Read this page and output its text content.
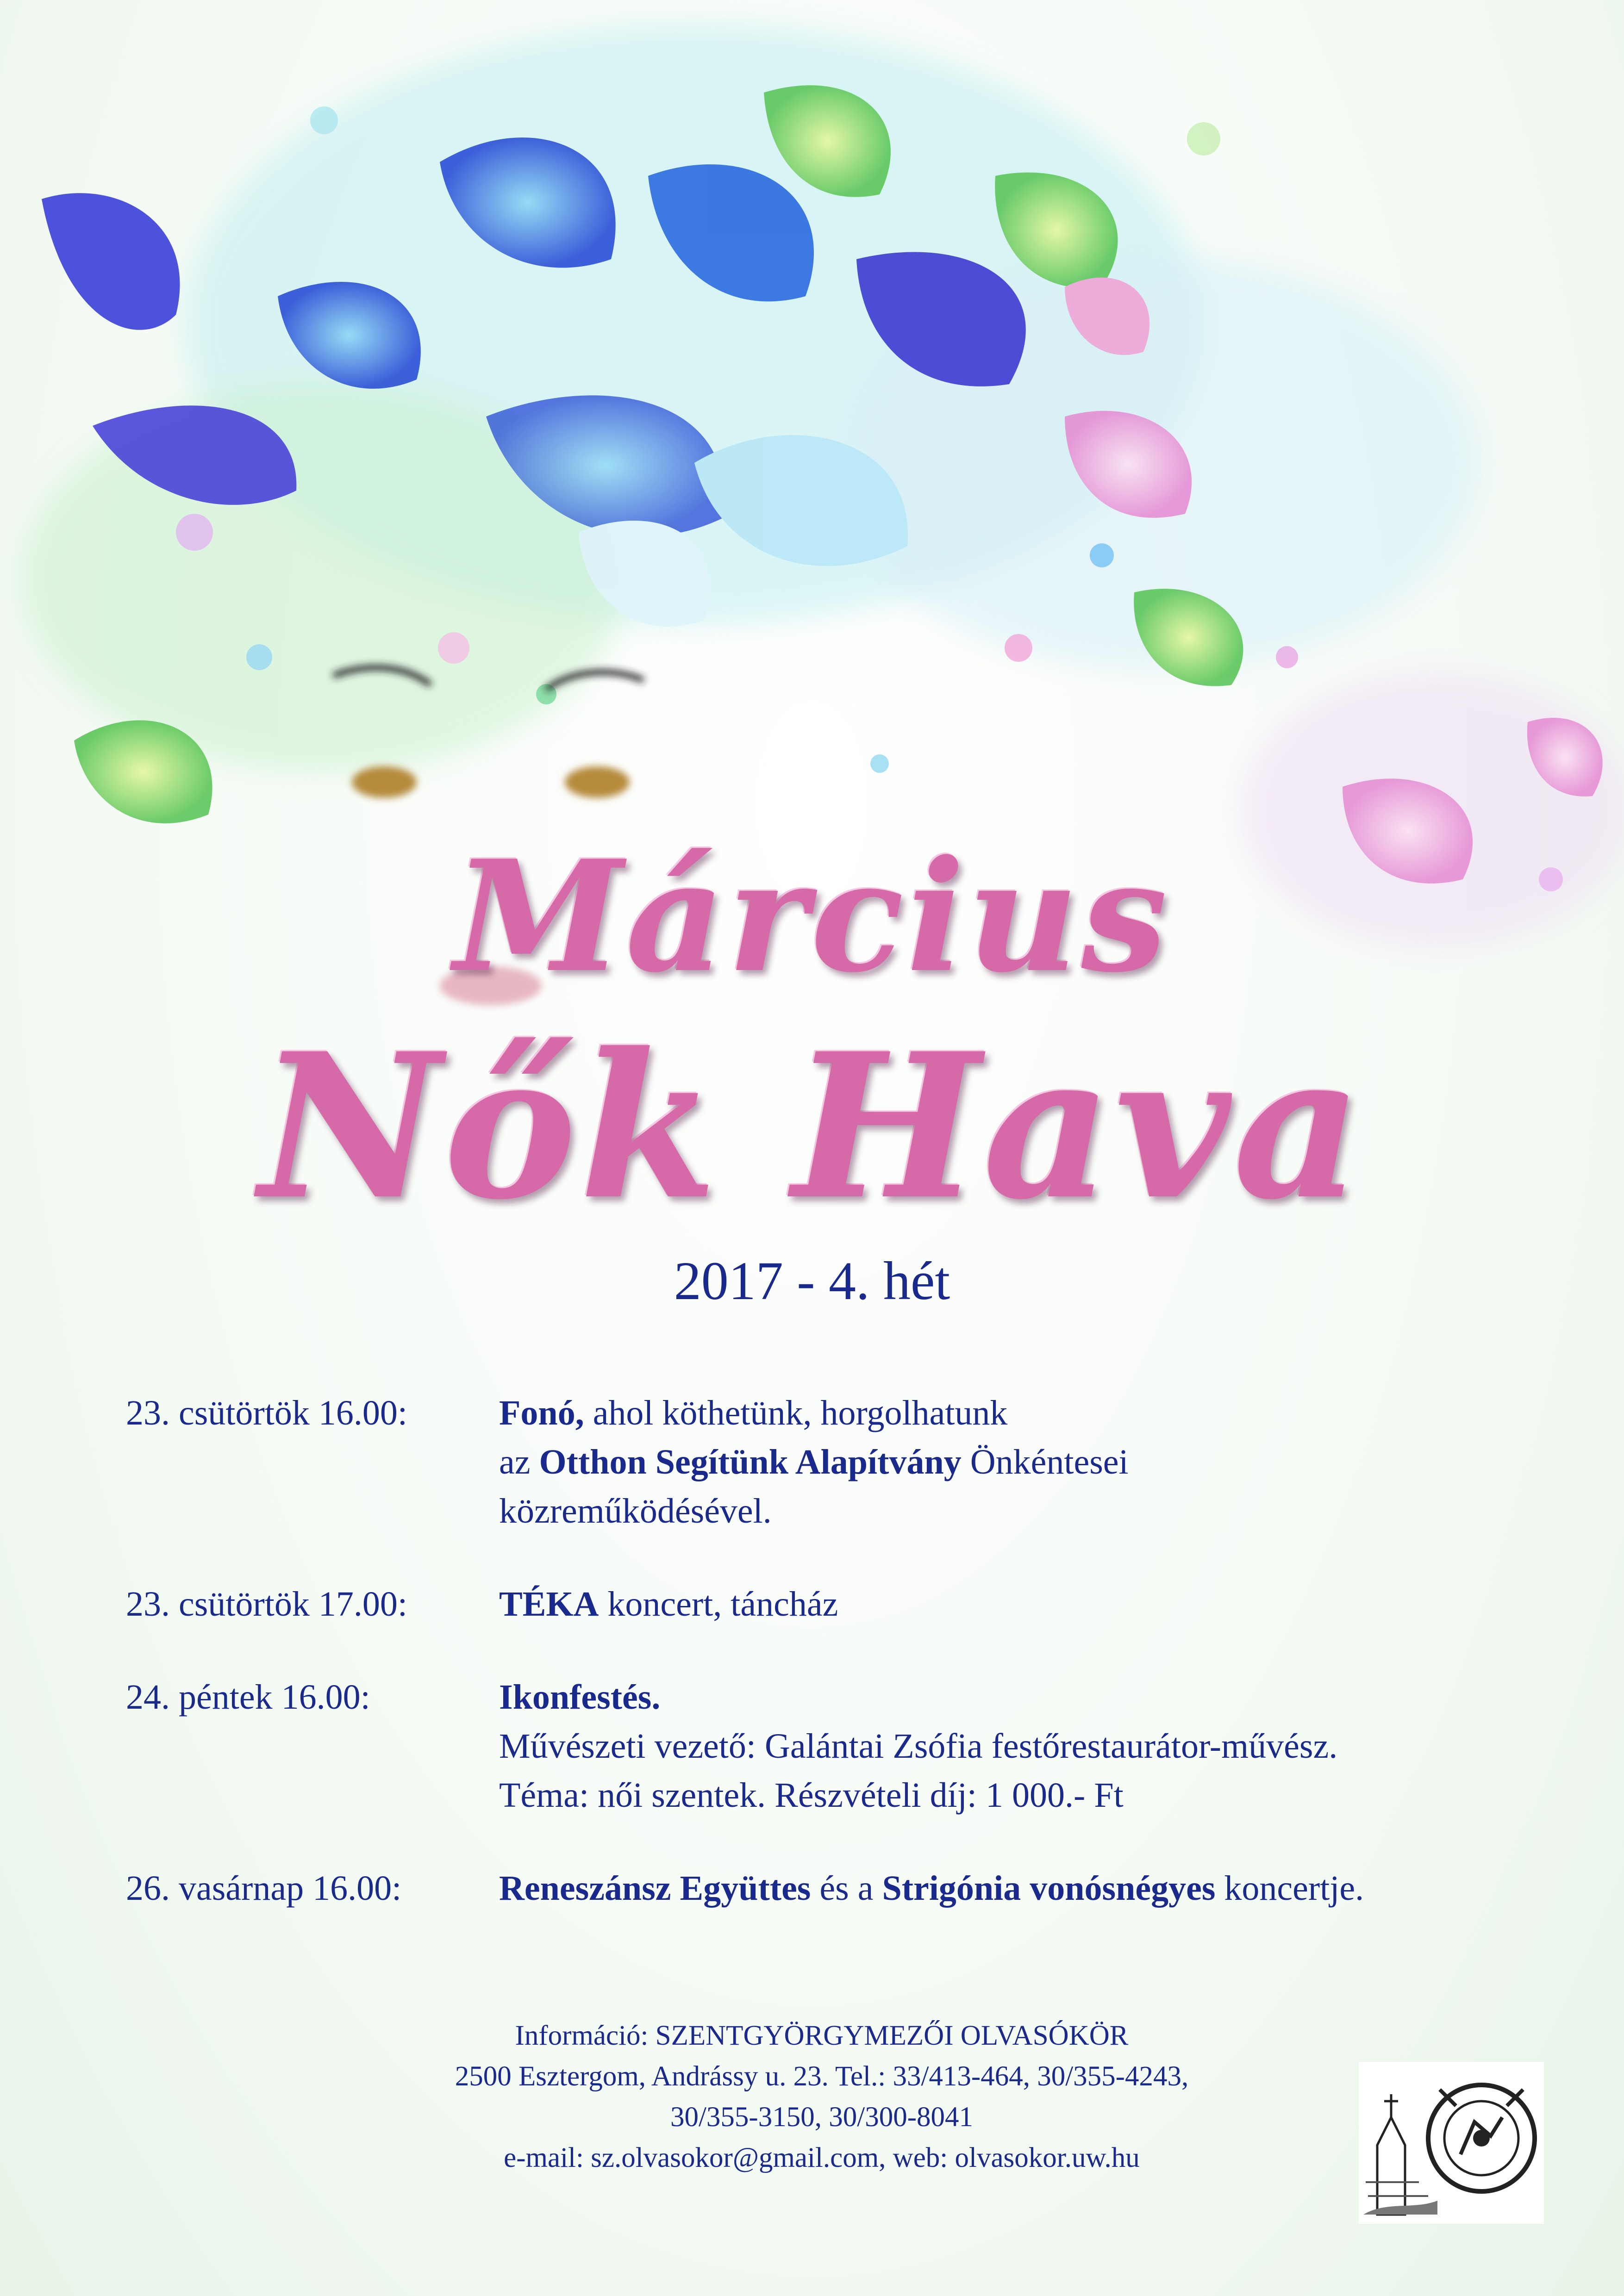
Március
Nők Hava
2017 - 4. hét
23. csütörtök 16.00:	Fonó, ahol köthetünk, horgolhatunk
az Otthon Segítünk Alapítvány Önkéntesei
közreműködésével.
23. csütörtök 17.00:	TÉKA koncert, táncház
24. péntek 16.00:	Ikonfestés.
Művészeti vezető: Galántai Zsófia festőrestaurátor-művész.
Téma: női szentek. Részvételi díj: 1 000.- Ft
26. vasárnap 16.00:	Reneszánsz Együttes és a Strigónia vonósnégyes koncertje.
Információ: SZENTGYÖRGYMEZŐI OLVASÓKÖR
2500 Esztergom, Andrássy u. 23. Tel.: 33/413-464, 30/355-4243,
30/355-3150, 30/300-8041
e-mail: sz.olvasokor@gmail.com, web: olvasokor.uw.hu
